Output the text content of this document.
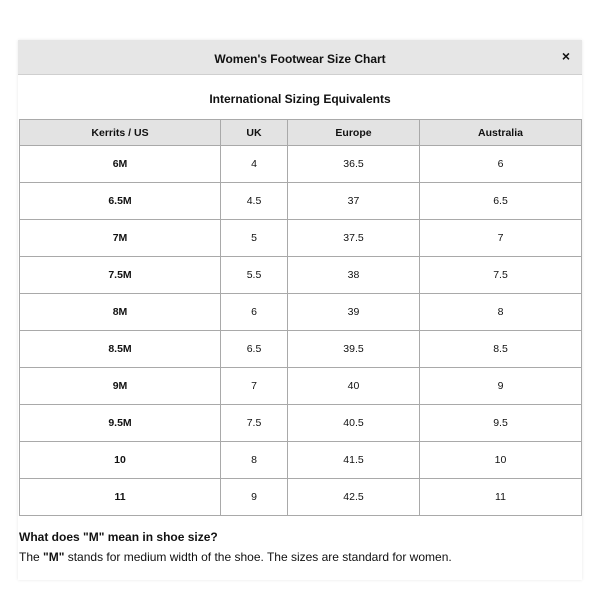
Women's Footwear Size Chart	×
International Sizing Equivalents
Kerrits / US	UK	Europe	Australia
6M	4	36.5	6
6.5M	4.5	37	6.5
7M	5	37.5	7
7.5M	5.5	38	7.5
8M	6	39	8
8.5M	6.5	39.5	8.5
9M	7	40	9
9.5M	7.5	40.5	9.5
10	8	41.5	10
11	9	42.5	11

What does "M" mean in shoe size?

The "M" stands for medium width of the shoe. The sizes are standard for women.
